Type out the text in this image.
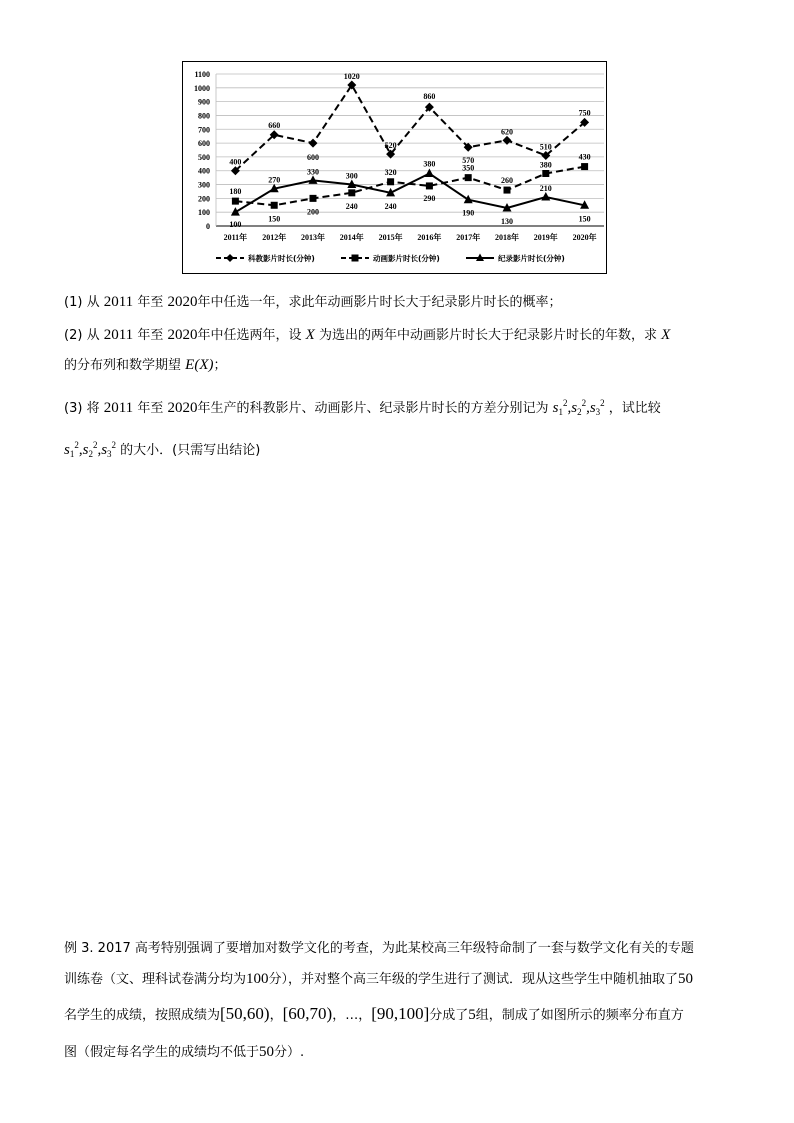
0
100
200
300
400
500
600
700
800
900
1000
1100
2011年 2012年 2013年 2014年 2015年 2016年 2017年 2018年 2019年 2020年
400
660
600
1020
520
860
570
620
510
750
180
150
200
240
320
290
350
260
380
430
100
270
330	300
240
380
190
130
210
150
科教影片时长(分钟)	动画影片时长(分钟)	纪录影片时长(分钟)
(1) 从 2011 年至 2020年中任选一年，求此年动画影片时长大于纪录影片时长的概率；
(2) 从 2011 年至 2020年中任选两年，设 X 为选出的两年中动画影片时长大于纪录影片时长的年数，求 X
的分布列和数学期望 E(X)；
(3) 将 2011 年至 2020年生产的科教影片、动画影片、纪录影片时长的方差分别记为 $s_1^2,s_2^2,s_3^2$ ，试比较
$s_1^2,s_2^2,s_3^2$ 的大小．(只需写出结论)
例 3. 2017 高考特别强调了要增加对数学文化的考查，为此某校高三年级特命制了一套与数学文化有关的专题
训练卷（文、理科试卷满分均为100分），并对整个高三年级的学生进行了测试．现从这些学生中随机抽取了50
名学生的成绩，按照成绩为[50,60)，[60,70)，…，[90,100]分成了5组，制成了如图所示的频率分布直方
图（假定每名学生的成绩均不低于50分）.
